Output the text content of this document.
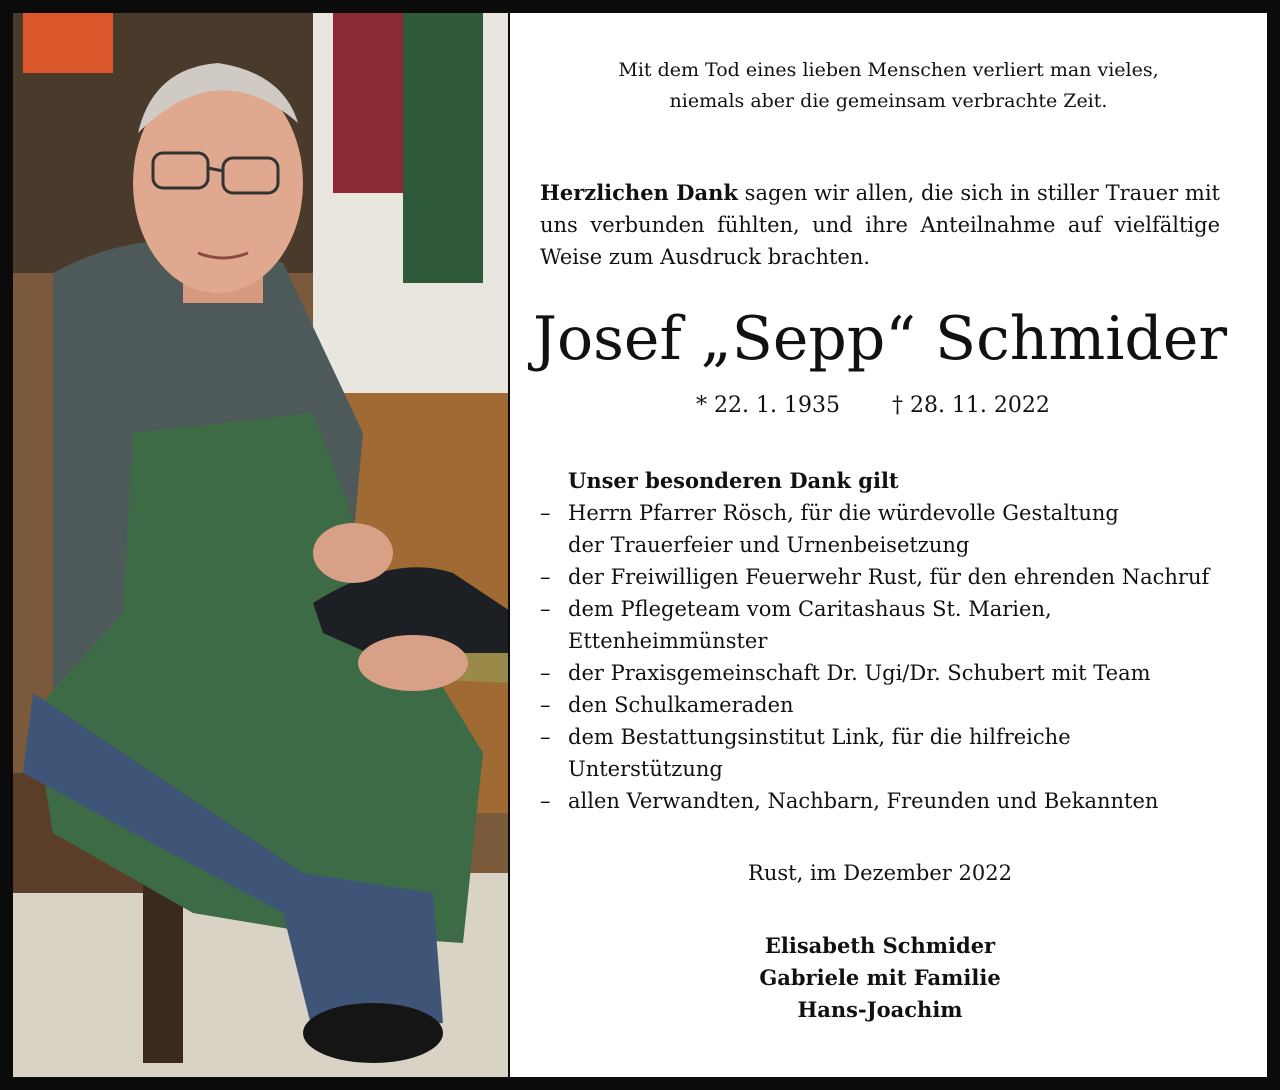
Mit dem Tod eines lieben Menschen verliert man vieles,
niemals aber die gemeinsam verbrachte Zeit.
Herzlichen Dank sagen wir allen, die sich in stiller Trauer mit uns verbunden fühlten, und ihre Anteilnahme auf vielfältige Weise zum Ausdruck brachten.
Josef „Sepp“ Schmider
* 22. 1. 1935 † 28. 11. 2022
Unser besonderen Dank gilt
– Herrn Pfarrer Rösch, für die würdevolle Gestaltung
der Trauerfeier und Urnenbeisetzung
– der Freiwilligen Feuerwehr Rust, für den ehrenden Nachruf
– dem Pflegeteam vom Caritashaus St. Marien,
Ettenheimmünster
– der Praxisgemeinschaft Dr. Ugi/Dr. Schubert mit Team
– den Schulkameraden
– dem Bestattungsinstitut Link, für die hilfreiche
Unterstützung
– allen Verwandten, Nachbarn, Freunden und Bekannten
Rust, im Dezember 2022
Elisabeth Schmider
Gabriele mit Familie
Hans-Joachim
